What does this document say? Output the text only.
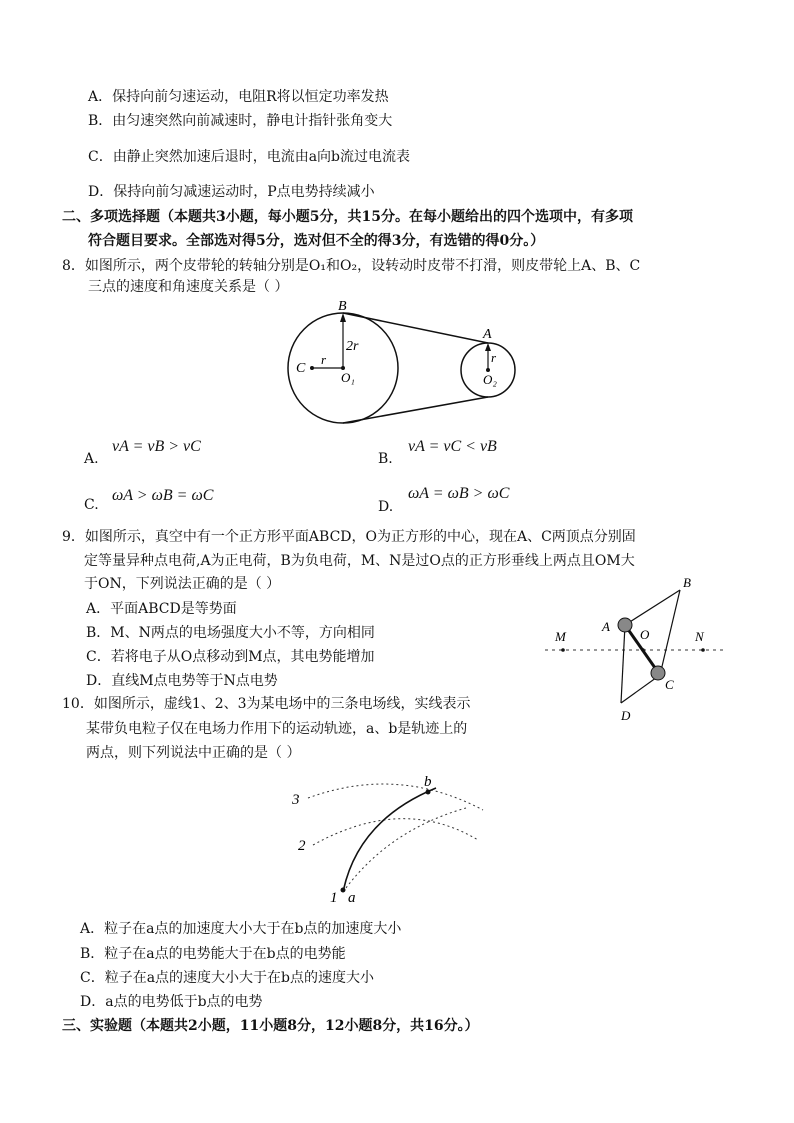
A．保持向前匀速运动，电阻R将以恒定功率发热
B．由匀速突然向前减速时，静电计指针张角变大
C．由静止突然加速后退时，电流由a向b流过电流表
D．保持向前匀减速运动时，P点电势持续减小
二、多项选择题（本题共3小题，每小题5分，共15分。在每小题给出的四个选项中，有多项
符合题目要求。全部选对得5分，选对但不全的得3分，有选错的得0分。）
8．如图所示，两个皮带轮的转轴分别是O₁和O₂，设转动时皮带不打滑，则皮带轮上A、B、C
三点的速度和角速度关系是（ ）
B
A
C
2r
r
O₁
r
O₂
A.
vA = vB > vC
B.
vA = vC < vB
C.
ωA > ωB = ωC
D.
ωA = ωB > ωC
9．如图所示，真空中有一个正方形平面ABCD，O为正方形的中心，现在A、C两顶点分别固
定等量异种点电荷,A为正电荷，B为负电荷，M、N是过O点的正方形垂线上两点且OM大
于ON，下列说法正确的是（ ）
A．平面ABCD是等势面
B．M、N两点的电场强度大小不等，方向相同
C．若将电子从O点移动到M点，其电势能增加
D．直线M点电势等于N点电势
B
A
O
M	N
C
D
10．如图所示，虚线1、2、3为某电场中的三条电场线，实线表示
某带负电粒子仅在电场力作用下的运动轨迹，a、b是轨迹上的
两点，则下列说法中正确的是（ ）
3
2
1 a
b
A．粒子在a点的加速度大小大于在b点的加速度大小
B．粒子在a点的电势能大于在b点的电势能
C．粒子在a点的速度大小大于在b点的速度大小
D．a点的电势低于b点的电势
三、实验题（本题共2小题，11小题8分，12小题8分，共16分。）
